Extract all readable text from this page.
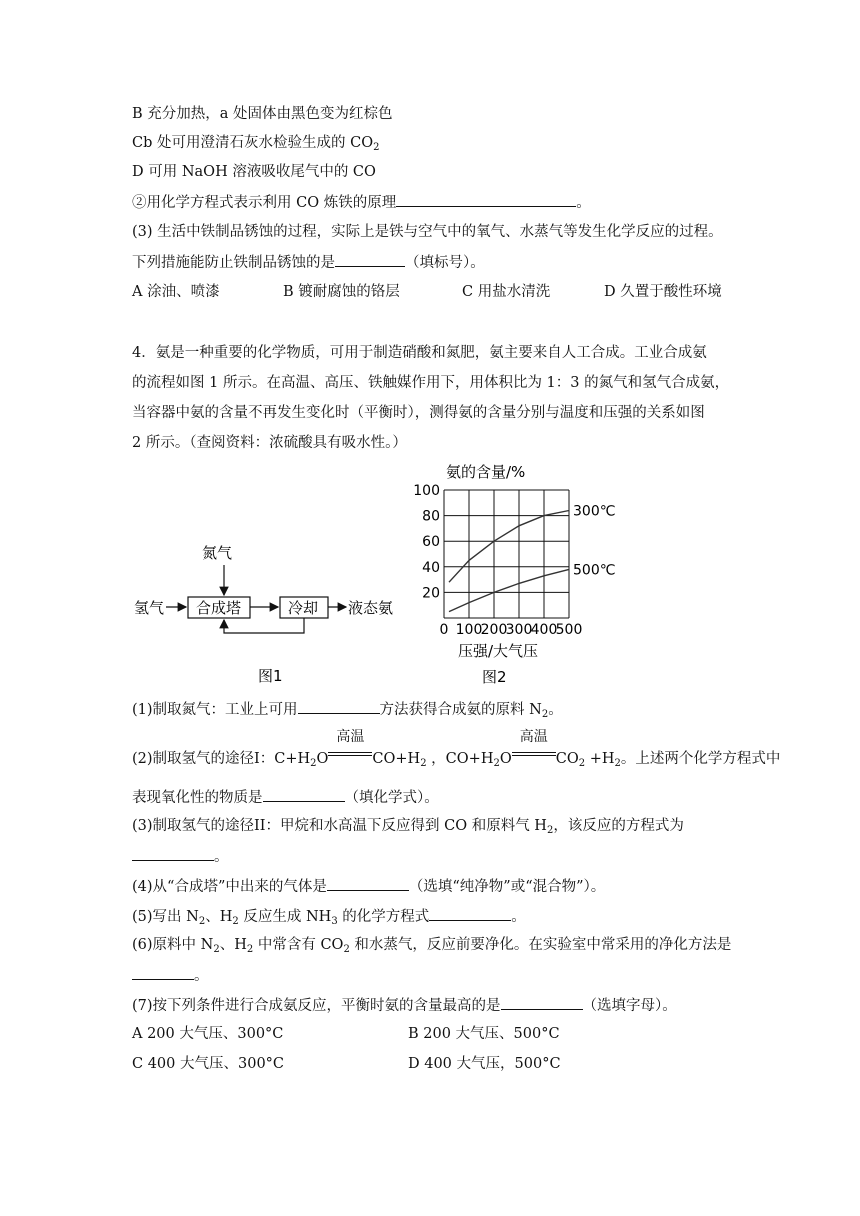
B 充分加热，a 处固体由黑色变为红棕色
Cb 处可用澄清石灰水检验生成的 $CO_2$
D 可用 NaOH 溶液吸收尾气中的 CO
②用化学方程式表示利用 CO 炼铁的原理	。
(3) 生活中铁制品锈蚀的过程，实际上是铁与空气中的氧气、水蒸气等发生化学反应的过程。
下列措施能防止铁制品锈蚀的是	（填标号）。
A 涂油、喷漆	B 镀耐腐蚀的铬层	C 用盐水清洗	D 久置于酸性环境
4．氨是一种重要的化学物质，可用于制造硝酸和氮肥，氨主要来自人工合成。工业合成氨
的流程如图 1 所示。在高温、高压、铁触媒作用下，用体积比为 1：3 的氮气和氢气合成氨，
当容器中氨的含量不再发生变化时（平衡时），测得氨的含量分别与温度和压强的关系如图
2 所示。（查阅资料：浓硫酸具有吸水性。）
氮气
氢气 合成塔	冷却 液态氨
图1
氨的含量/%
20
40
60
80
100
0 100
200
300
400
500
300℃
500℃
压强/大气压
图2
(1)制取氮气：工业上可用	方法获得合成氨的原料 $N_2$。
(2)制取氢气的途径I：$C+H_2O$
高温
$CO+H_2$ ，$CO+H_2O$
高温
$CO_2 +H_2$。上述两个化学方程式中
表现氧化性的物质是	（填化学式）。
(3)制取氢气的途径II：甲烷和水高温下反应得到 CO 和原料气 $H_2$，该反应的方程式为
。
(4)从“合成塔”中出来的气体是	（选填“纯净物”或“混合物”）。
(5)写出 $N_2$、$H_2$ 反应生成 $NH_3$ 的化学方程式	。
(6)原料中 $N_2$、$H_2$ 中常含有 $CO_2$ 和水蒸气，反应前要净化。在实验室中常采用的净化方法是
。
(7)按下列条件进行合成氨反应，平衡时氨的含量最高的是	（选填字母）。
A 200 大气压、300°C	B 200 大气压、500°C
C 400 大气压、300°C	D 400 大气压，500°C
